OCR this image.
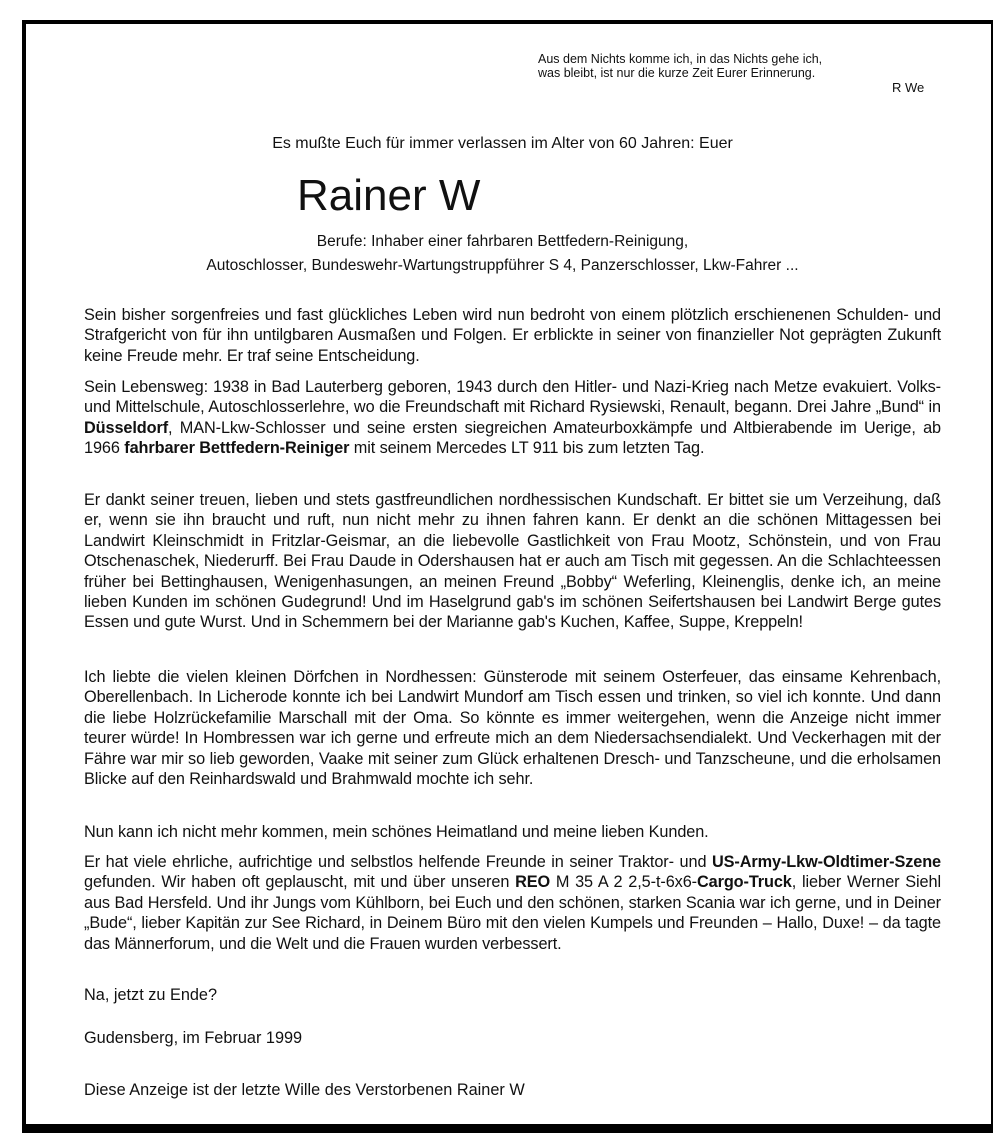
Aus dem Nichts komme ich, in das Nichts gehe ich,
was bleibt, ist nur die kurze Zeit Eurer Erinnerung.
R We
Es mußte Euch für immer verlassen im Alter von 60 Jahren: Euer
Rainer W
Berufe: Inhaber einer fahrbaren Bettfedern-Reinigung,
Autoschlosser, Bundeswehr-Wartungstruppführer S 4, Panzerschlosser, Lkw-Fahrer ...
Sein bisher sorgenfreies und fast glückliches Leben wird nun bedroht von einem plötzlich erschienenen Schulden- und Strafgericht von für ihn untilgbaren Ausmaßen und Folgen. Er erblickte in seiner von finanzieller Not geprägten Zukunft keine Freude mehr. Er traf seine Entscheidung.
Sein Lebensweg: 1938 in Bad Lauterberg geboren, 1943 durch den Hitler- und Nazi-Krieg nach Metze evakuiert. Volks- und Mittelschule, Autoschlosserlehre, wo die Freundschaft mit Richard Rysiewski, Renault, begann. Drei Jahre „Bund“ in Düsseldorf, MAN-Lkw-Schlosser und seine ersten siegreichen Amateurboxkämpfe und Altbierabende im Uerige, ab 1966 fahrbarer Bettfedern-Reiniger mit seinem Mercedes LT 911 bis zum letzten Tag.
Er dankt seiner treuen, lieben und stets gastfreundlichen nordhessischen Kundschaft. Er bittet sie um Verzeihung, daß er, wenn sie ihn braucht und ruft, nun nicht mehr zu ihnen fahren kann. Er denkt an die schönen Mittagessen bei Landwirt Kleinschmidt in Fritzlar-Geismar, an die liebevolle Gastlichkeit von Frau Mootz, Schönstein, und von Frau Otschenaschek, Niederurff. Bei Frau Daude in Odershausen hat er auch am Tisch mit gegessen. An die Schlachteessen früher bei Bettinghausen, Wenigenhasungen, an meinen Freund „Bobby“ Weferling, Kleinenglis, denke ich, an meine lieben Kunden im schönen Gudegrund! Und im Haselgrund gab's im schönen Seifertshausen bei Landwirt Berge gutes Essen und gute Wurst. Und in Schemmern bei der Marianne gab's Kuchen, Kaffee, Suppe, Kreppeln!
Ich liebte die vielen kleinen Dörfchen in Nordhessen: Günsterode mit seinem Osterfeuer, das einsame Kehrenbach, Oberellenbach. In Licherode konnte ich bei Landwirt Mundorf am Tisch essen und trinken, so viel ich konnte. Und dann die liebe Holzrückefamilie Marschall mit der Oma. So könnte es immer weitergehen, wenn die Anzeige nicht immer teurer würde! In Hombressen war ich gerne und erfreute mich an dem Niedersachsendialekt. Und Veckerhagen mit der Fähre war mir so lieb geworden, Vaake mit seiner zum Glück erhaltenen Dresch- und Tanzscheune, und die erholsamen Blicke auf den Reinhardswald und Brahmwald mochte ich sehr.
Nun kann ich nicht mehr kommen, mein schönes Heimatland und meine lieben Kunden.
Er hat viele ehrliche, aufrichtige und selbstlos helfende Freunde in seiner Traktor- und US-Army-Lkw-Oldtimer-Szene gefunden. Wir haben oft geplauscht, mit und über unseren REO M 35 A 2 2,5-t-6x6-Cargo-Truck, lieber Werner Siehl aus Bad Hersfeld. Und ihr Jungs vom Kühlborn, bei Euch und den schönen, starken Scania war ich gerne, und in Deiner „Bude“, lieber Kapitän zur See Richard, in Deinem Büro mit den vielen Kumpels und Freunden – Hallo, Duxe! – da tagte das Männerforum, und die Welt und die Frauen wurden verbessert.
Na, jetzt zu Ende?
Gudensberg, im Februar 1999
Diese Anzeige ist der letzte Wille des Verstorbenen Rainer W
